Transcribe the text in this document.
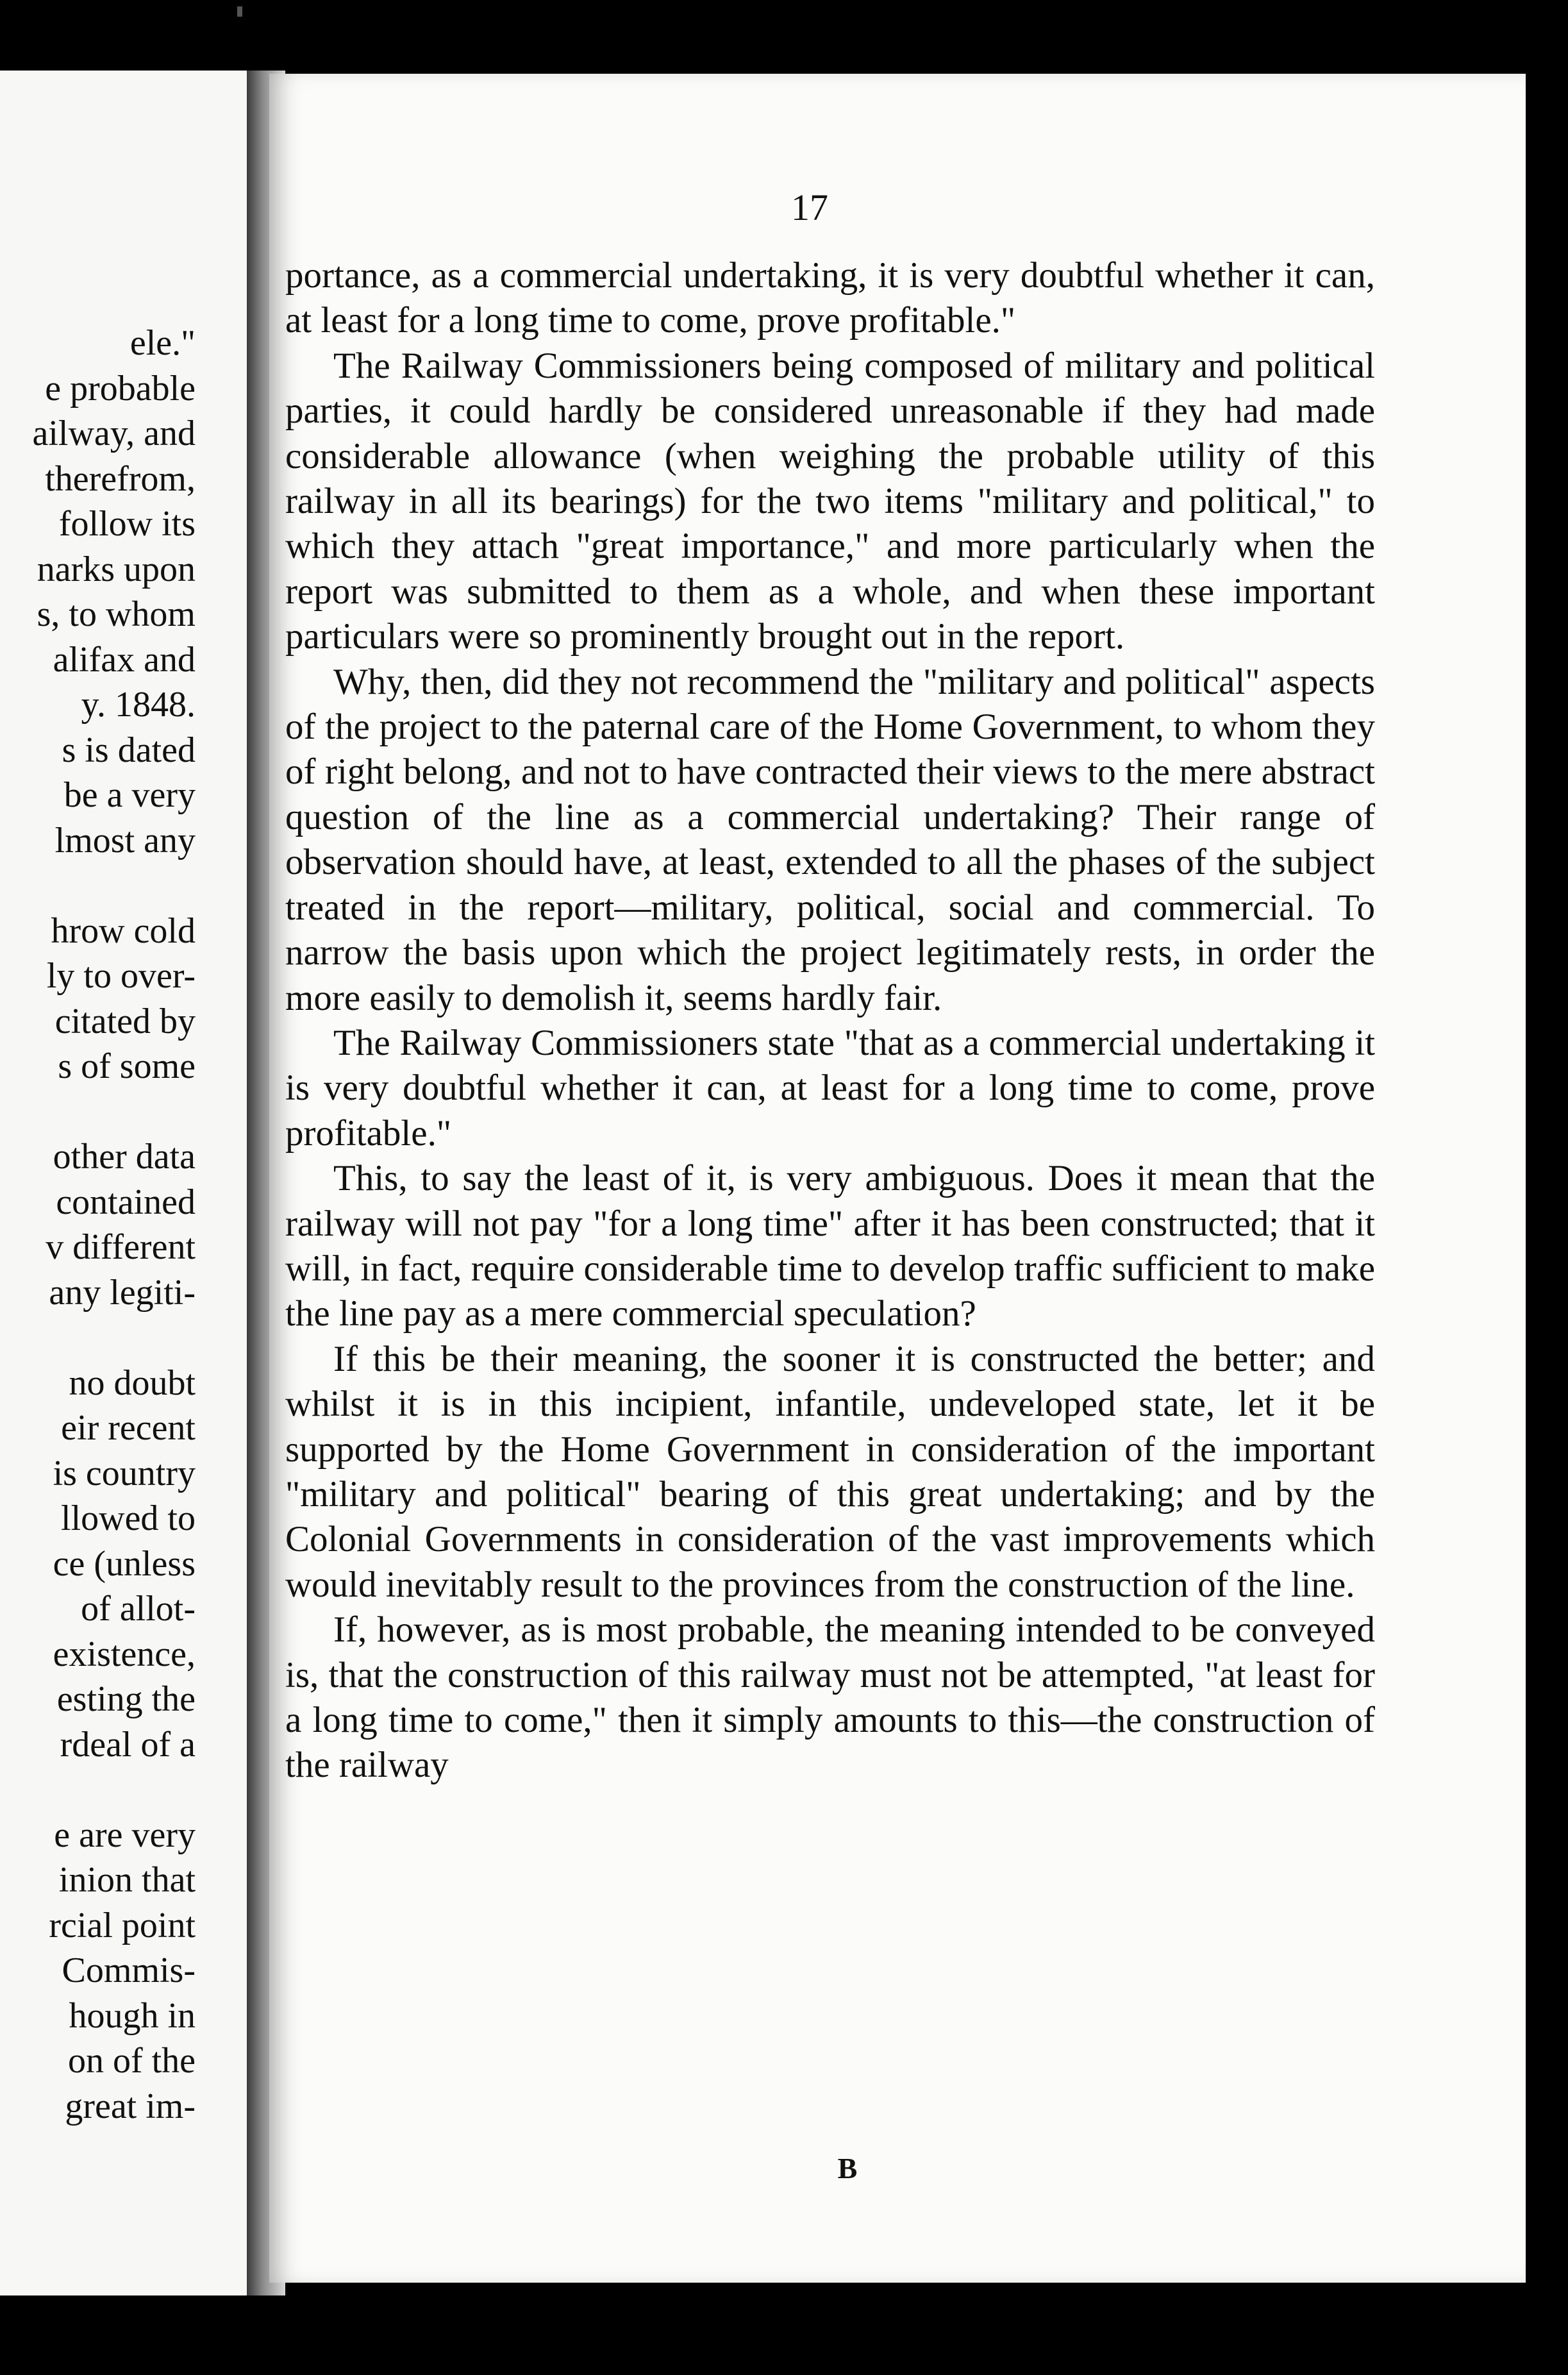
ele."
e probable
ailway, and
therefrom,
follow its
narks upon
s, to whom
alifax and
y. 1848.
s is dated
be a very
lmost any
hrow cold
ly to over-
citated by
s of some
other data
contained
v different
any legiti-
no doubt
eir recent
is country
llowed to
ce (unless
of allot-
existence,
esting the
rdeal of a
e are very
inion that
rcial point
Commis-
hough in
on of the
great im-
17

portance, as a commercial undertaking, it is very doubtful whether it can, at least for a long time to come, prove profitable."

The Railway Commissioners being composed of military and political parties, it could hardly be considered unreasonable if they had made considerable allowance (when weighing the probable utility of this railway in all its bearings) for the two items "military and political," to which they attach "great importance," and more particularly when the report was submitted to them as a whole, and when these important particulars were so prominently brought out in the report.

Why, then, did they not recommend the "military and political" aspects of the project to the paternal care of the Home Government, to whom they of right belong, and not to have contracted their views to the mere abstract question of the line as a commercial undertaking? Their range of observation should have, at least, extended to all the phases of the subject treated in the report—military, political, social and commercial. To narrow the basis upon which the project legitimately rests, in order the more easily to demolish it, seems hardly fair.

The Railway Commissioners state "that as a commercial undertaking it is very doubtful whether it can, at least for a long time to come, prove profitable."

This, to say the least of it, is very ambiguous. Does it mean that the railway will not pay "for a long time" after it has been constructed; that it will, in fact, require considerable time to develop traffic sufficient to make the line pay as a mere commercial speculation?

If this be their meaning, the sooner it is constructed the better; and whilst it is in this incipient, infantile, undeveloped state, let it be supported by the Home Government in consideration of the important "military and political" bearing of this great undertaking; and by the Colonial Governments in consideration of the vast improvements which would inevitably result to the provinces from the construction of the line.

If, however, as is most probable, the meaning intended to be conveyed is, that the construction of this railway must not be attempted, "at least for a long time to come," then it simply amounts to this—the construction of the railway

B
